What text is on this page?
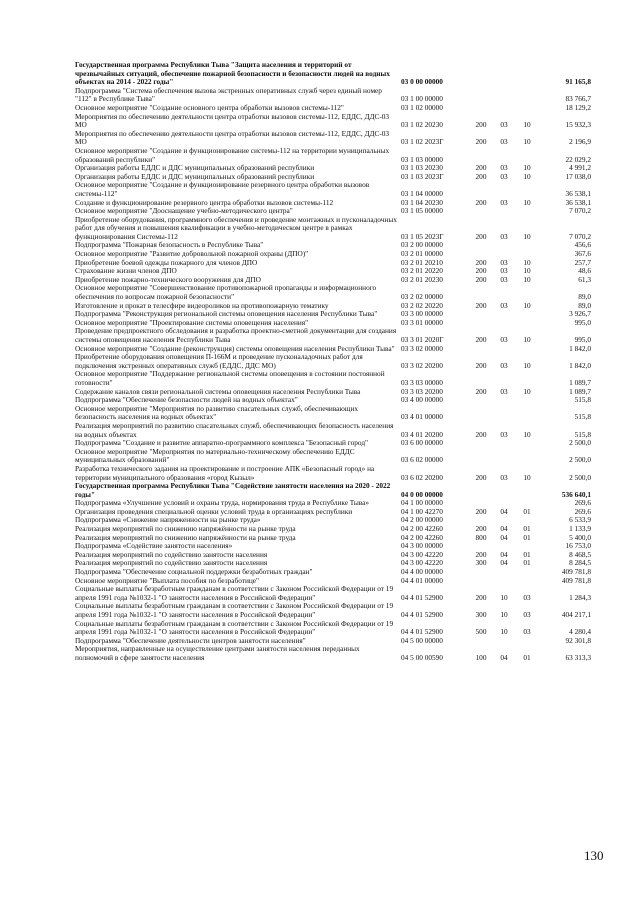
Государственная программа Республики Тыва "Защита населения и территорий от чрезвычайных ситуаций, обеспечение пожарной безопасности и безопасности людей на водных объектах на 2014 - 2022 годы"	03 0 00 00000				91 165,8
Подпрограмма "Система обеспечения вызова экстренных оперативных служб через единый номер "112" в Республике Тыва"	03 1 00 00000				83 766,7
Основное мероприятие "Создание основного центра обработки вызовов системы-112"	03 1 02 00000				18 129,2
Мероприятия по обеспечению деятельности центра отработки вызовов системы-112, ЕДДС, ДДС-03 МО	03 1 02 20230	200	03	10	15 932,3
Мероприятия по обеспечению деятельности центра отработки вызовов системы-112, ЕДДС, ДДС-03 МО	03 1 02 2023Г	200	03	10	2 196,9
Основное мероприятие "Создание и функционирование системы-112 на территории муниципальных образований республики"	03 1 03 00000				22 029,2
Организация работы ЕДДС и ДДС муниципальных образований республики	03 1 03 20230	200	03	10	4 991,2
Организация работы ЕДДС и ДДС муниципальных образований республики	03 1 03 2023Г	200	03	10	17 038,0
Основное мероприятие "Создание и функционирование резервного центра обработки вызовов системы-112"	03 1 04 00000				36 538,1
Создание и функционирование резервного центра обработки вызовов системы-112	03 1 04 20230	200	03	10	36 538,1
Основное мероприятие "Дооснащение учебно-методического центра"	03 1 05 00000				7 070,2
Приобретение оборудования, программного обеспечения и проведение монтажных и пусконаладочных работ для обучения и повышения квалификации в учебно-методическом центре в рамках функционирования Системы-112	03 1 05 2023Г	200	03	10	7 070,2
Подпрограмма "Пожарная безопасность в Республике Тыва"	03 2 00 00000				456,6
Основное мероприятие "Развитие добровольной пожарной охраны (ДПО)"	03 2 01 00000				367,6
Приобретение боевой одежды пожарного для членов ДПО	03 2 01 20210	200	03	10	257,7
Страхование жизни членов ДПО	03 2 01 20220	200	03	10	48,6
Приобретение пожарно-технического вооружения для ДПО	03 2 01 20230	200	03	10	61,3
Основное мероприятие "Совершенствование противопожарной пропаганды и информационного обеспечения по вопросам пожарной безопасности"	03 2 02 00000				89,0
Изготовление и прокат в телесфире видеороликов на противопожарную тематику	03 2 02 20220	200	03	10	89,0
Подпрограмма "Реконструкция региональной системы оповещения населения Республики Тыва"	03 3 00 00000				3 926,7
Основное мероприятие "Проектирование системы оповещения населения"	03 3 01 00000				995,0
Проведение предпроектного обследования и разработка проектно-сметной документации для создания системы оповещения населения Республики Тыва	03 3 01 2020Г	200	03	10	995,0
Основное мероприятие "Создание (реконструкция) системы оповещения населения Республики Тыва"	03 3 02 00000				1 842,0
Приобретение оборудования оповещения П-166М и проведение пусконаладочных работ для подключения экстренных оперативных служб (ЕДДС, ДДС МО)	03 3 02 20200	200	03	10	1 842,0
Основное мероприятие "Поддержание региональной системы оповещения в состоянии постоянной готовности"	03 3 03 00000				1 089,7
Содержание каналов связи региональной системы оповещения населения Республики Тыва	03 3 03 20200	200	03	10	1 089,7
Подпрограмма "Обеспечение безопасности людей на водных объектах"	03 4 00 00000				515,8
Основное мероприятие "Мероприятия по развитию спасательных служб, обеспечивающих безопасность населения на водных объектах"	03 4 01 00000				515,8
Реализация мероприятий по развитию спасательных служб, обеспечивающих безопасность населения на водных объектах	03 4 01 20200	200	03	10	515,8
Подпрограмма "Создание и развитие аппаратно-программного комплекса "Безопасный город"	03 6 00 00000				2 500,0
Основное мероприятие "Мероприятия по материально-техническому обеспечению ЕДДС муниципальных образований"	03 6 02 00000				2 500,0
Разработка технического задания на проектирование и построение АПК «Безопасный город» на территории муниципального образования «город Кызыл»	03 6 02 20200	200	03	10	2 500,0
Государственная программа Республики Тыва "Содействие занятости населения на 2020 - 2022 годы"	04 0 00 00000				536 640,1
Подпрограмма «Улучшение условий и охраны труда, нормирования труда в Республике Тыва»	04 1 00 00000				269,6
Организация проведения специальной оценки условий труда в организациях республики	04 1 00 42270	200	04	01	269,6
Подпрограмма «Снижение напряженности на рынке труда»	04 2 00 00000				6 533,9
Реализация мероприятий по снижению напряжённости на рынке труда	04 2 00 42260	200	04	01	1 133,9
Реализация мероприятий по снижению напряжённости на рынке труда	04 2 00 42260	800	04	01	5 400,0
Подпрограмма «Содействие занятости населения»	04 3 00 00000				16 753,0
Реализация мероприятий по содействию занятости населения	04 3 00 42220	200	04	01	8 468,5
Реализация мероприятий по содействию занятости населения	04 3 00 42220	300	04	01	8 284,5
Подпрограмма "Обеспечение социальной поддержки безработных граждан"	04 4 00 00000				409 781,8
Основное мероприятие "Выплата пособия по безработице"	04 4 01 00000				409 781,8
Социальные выплаты безработным гражданам в соответствии с Законом Российской Федерации от 19 апреля 1991 года №1032-1 "О занятости населения в Российской Федерации"	04 4 01 52900	200	10	03	1 284,3
Социальные выплаты безработным гражданам в соответствии с Законом Российской Федерации от 19 апреля 1991 года №1032-1 "О занятости населения в Российской Федерации"	04 4 01 52900	300	10	03	404 217,1
Социальные выплаты безработным гражданам в соответствии с Законом Российской Федерации от 19 апреля 1991 года №1032-1 "О занятости населения в Российской Федерации"	04 4 01 52900	500	10	03	4 280,4
Подпрограмма "Обеспечение деятельности центров занятости населения"	04 5 00 00000				92 301,8
Мероприятия, направленные на осуществление центрами занятости населения переданных полномочий в сфере занятости населения	04 5 00 00590	100	04	01	63 313,3
130
